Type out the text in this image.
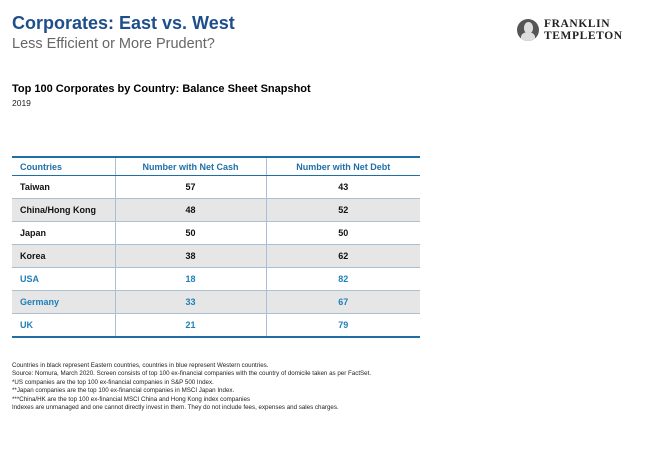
Corporates: East vs. West
Less Efficient or More Prudent?
FRANKLIN
TEMPLETON
Top 100 Corporates by Country: Balance Sheet Snapshot
2019
Countries	Number with Net Cash	Number with Net Debt
Taiwan	57	43
China/Hong Kong	48	52
Japan	50	50
Korea	38	62
USA	18	82
Germany	33	67
UK	21	79
Countries in black represent Eastern countries, countries in blue represent Western countries.
Source: Nomura, March 2020. Screen consists of top 100 ex-financial companies with the country of domicile taken as per FactSet.
*US companies are the top 100 ex-financial companies in S&P 500 Index.
**Japan companies are the top 100 ex-financial companies in MSCI Japan Index.
***China/HK are the top 100 ex-financial MSCI China and Hong Kong index companies
Indexes are unmanaged and one cannot directly invest in them. They do not include fees, expenses and sales charges.
